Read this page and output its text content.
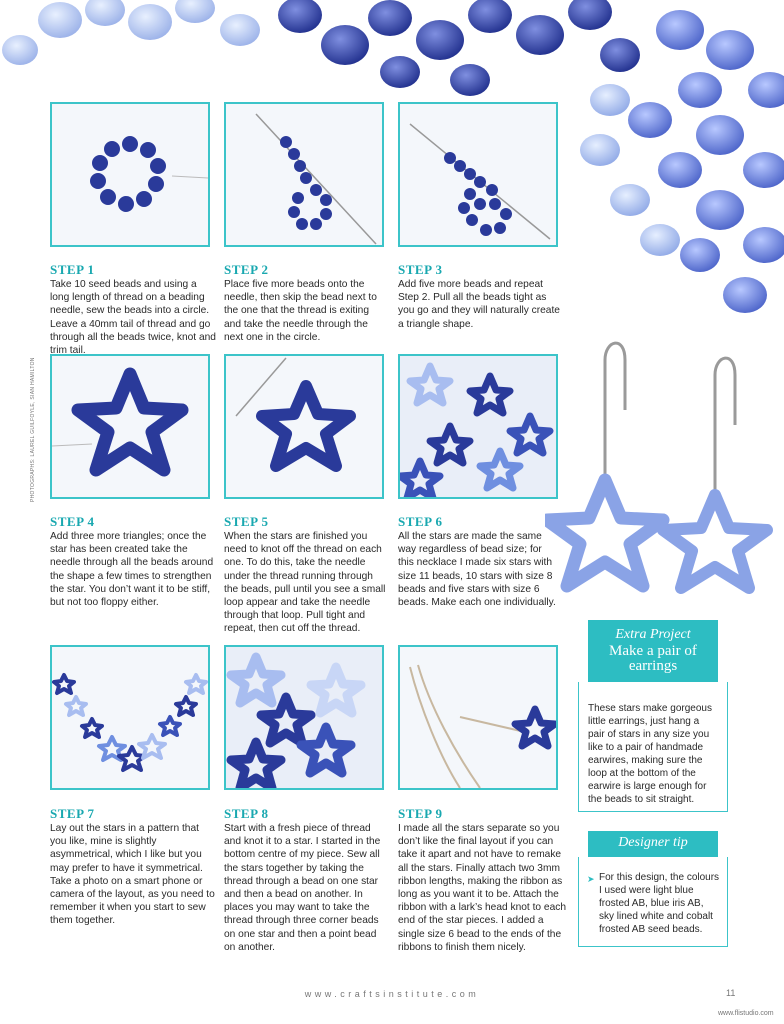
STEP 1
Take 10 seed beads and using a long length of thread on a beading needle, sew the beads into a circle. Leave a 40mm tail of thread and go through all the beads twice, knot and trim tail.
STEP 2
Place five more beads onto the needle, then skip the bead next to the one that the thread is exiting and take the needle through the next one in the circle.
STEP 3
Add five more beads and repeat Step 2. Pull all the beads tight as you go and they will naturally create a triangle shape.
STEP 4
Add three more triangles; once the star has been created take the needle through all the beads around the shape a few times to strengthen the star. You don’t want it to be stiff, but not too floppy either.
STEP 5
When the stars are finished you need to knot off the thread on each one. To do this, take the needle under the thread running through the beads, pull until you see a small loop appear and take the needle through that loop. Pull tight and repeat, then cut off the thread.
STEP 6
All the stars are made the same way regardless of bead size; for this necklace I made six stars with size 11 beads, 10 stars with size 8 beads and five stars with size 6 beads. Make each one individually.
STEP 7
Lay out the stars in a pattern that you like, mine is slightly asymmetrical, which I like but you may prefer to have it symmetrical. Take a photo on a smart phone or camera of the layout, as you need to remember it when you start to sew them together.
STEP 8
Start with a fresh piece of thread and knot it to a star. I started in the bottom centre of my piece. Sew all the stars together by taking the thread through a bead on one star and then a bead on another. In places you may want to take the thread through three corner beads on one star and then a point bead on another.
STEP 9
I made all the stars separate so you don’t like the final layout if you can take it apart and not have to remake all the stars. Finally attach two 3mm ribbon lengths, making the ribbon as long as you want it to be. Attach the ribbon with a lark’s head knot to each end of the star pieces. I added a single size 6 bead to the ends of the ribbons to finish them nicely.
PHOTOGRAPHS: LAUREL GUILFOYLE, SIAN HAMILTON
Extra Project
Make a pair of earrings
These stars make gorgeous little earrings, just hang a pair of stars in any size you like to a pair of handmade earwires, making sure the loop at the bottom of the earwire is large enough for the beads to sit straight.
Designer tip
➤ For this design, the colours I used were light blue frosted AB, blue iris AB, sky lined white and cobalt frosted AB seed beads.
www.craftsinstitute.com	11
www.flistudio.com
